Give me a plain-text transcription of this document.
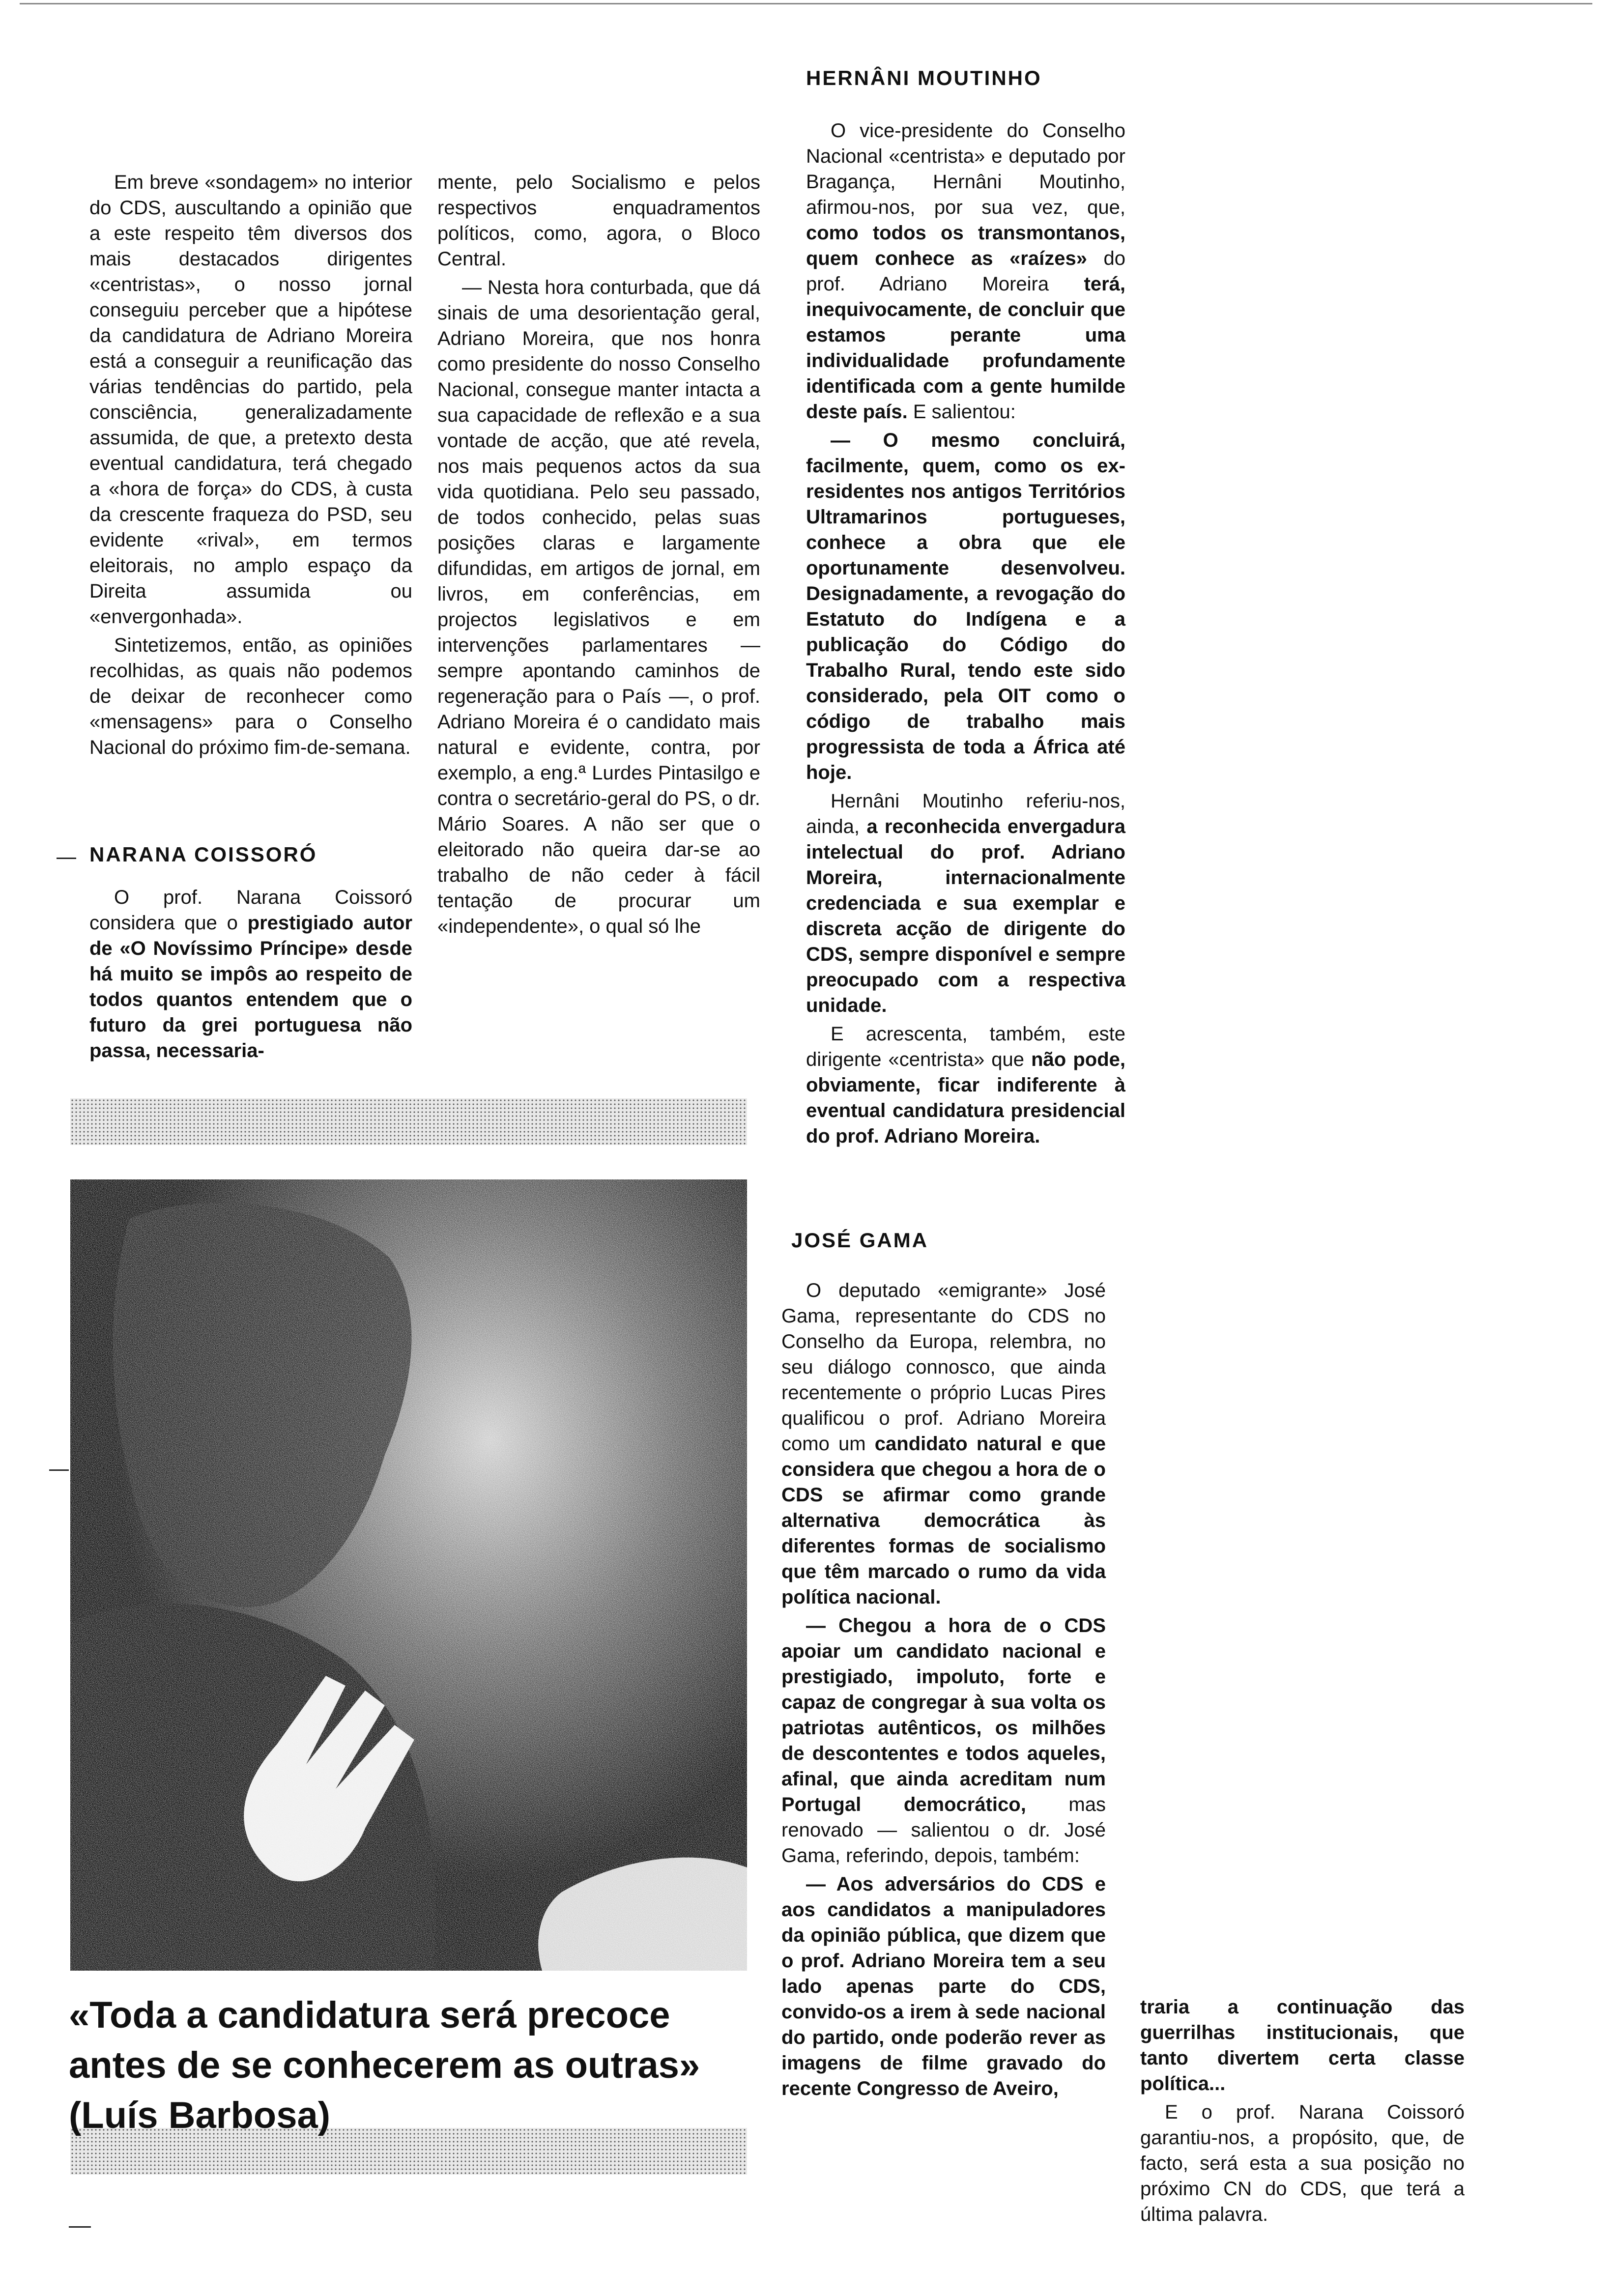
Em breve «sondagem» no interior do CDS, auscultando a opinião que a este respeito têm diversos dos mais destacados dirigentes «centristas», o nosso jornal conseguiu perceber que a hipótese da candidatura de Adriano Moreira está a conseguir a reunificação das várias tendências do partido, pela consciência, generalizadamente assumida, de que, a pretexto desta eventual candidatura, terá chegado a «hora de força» do CDS, à custa da crescente fraqueza do PSD, seu evidente «rival», em termos eleitorais, no amplo espaço da Direita assumida ou «envergonhada».

Sintetizemos, então, as opiniões recolhidas, as quais não podemos de deixar de reconhecer como «mensagens» para o Conselho Nacional do próximo fim-de-semana.

NARANA COISSORÓ

O prof. Narana Coissoró considera que o prestigiado autor de «O Novíssimo Príncipe» desde há muito se impôs ao respeito de todos quantos entendem que o futuro da grei portuguesa não passa, necessaria-

mente, pelo Socialismo e pelos respectivos enquadramentos políticos, como, agora, o Bloco Central.

— Nesta hora conturbada, que dá sinais de uma desorientação geral, Adriano Moreira, que nos honra como presidente do nosso Conselho Nacional, consegue manter intacta a sua capacidade de reflexão e a sua vontade de acção, que até revela, nos mais pequenos actos da sua vida quotidiana. Pelo seu passado, de todos conhecido, pelas suas posições claras e largamente difundidas, em artigos de jornal, em livros, em conferências, em projectos legislativos e em intervenções parlamentares — sempre apontando caminhos de regeneração para o País —, o prof. Adriano Moreira é o candidato mais natural e evidente, contra, por exemplo, a eng.ª Lurdes Pintasilgo e contra o secretário-geral do PS, o dr. Mário Soares. A não ser que o eleitorado não queira dar-se ao trabalho de não ceder à fácil tentação de procurar um «independente», o qual só lhe

HERNÂNI MOUTINHO

O vice-presidente do Conselho Nacional «centrista» e deputado por Bragança, Hernâni Moutinho, afirmou-nos, por sua vez, que, como todos os transmontanos, quem conhece as «raízes» do prof. Adriano Moreira terá, inequivocamente, de concluir que estamos perante uma individualidade profundamente identificada com a gente humilde deste país. E salientou:

— O mesmo concluirá, facilmente, quem, como os ex-residentes nos antigos Territórios Ultramarinos portugueses, conhece a obra que ele oportunamente desenvolveu. Designadamente, a revogação do Estatuto do Indígena e a publicação do Código do Trabalho Rural, tendo este sido considerado, pela OIT como o código de trabalho mais progressista de toda a África até hoje.

Hernâni Moutinho referiu-nos, ainda, a reconhecida envergadura intelectual do prof. Adriano Moreira, internacionalmente credenciada e sua exemplar e discreta acção de dirigente do CDS, sempre disponível e sempre preocupado com a respectiva unidade.

E acrescenta, também, este dirigente «centrista» que não pode, obviamente, ficar indiferente à eventual candidatura presidencial do prof. Adriano Moreira.

JOSÉ GAMA

O deputado «emigrante» José Gama, representante do CDS no Conselho da Europa, relembra, no seu diálogo connosco, que ainda recentemente o próprio Lucas Pires qualificou o prof. Adriano Moreira como um candidato natural e que considera que chegou a hora de o CDS se afirmar como grande alternativa democrática às diferentes formas de socialismo que têm marcado o rumo da vida política nacional.

— Chegou a hora de o CDS apoiar um candidato nacional e prestigiado, impoluto, forte e capaz de congregar à sua volta os patriotas autênticos, os milhões de descontentes e todos aqueles, afinal, que ainda acreditam num Portugal democrático, mas renovado — salientou o dr. José Gama, referindo, depois, também:

— Aos adversários do CDS e aos candidatos a manipuladores da opinião pública, que dizem que o prof. Adriano Moreira tem a seu lado apenas parte do CDS, convido-os a irem à sede nacional do partido, onde poderão rever as imagens de filme gravado do recente Congresso de Aveiro,

traria a continuação das guerrilhas institucionais, que tanto divertem certa classe política...

E o prof. Narana Coissoró garantiu-nos, a propósito, que, de facto, será esta a sua posição no próximo CN do CDS, que terá a última palavra.

«Toda a candidatura será precoce
antes de se conhecerem as outras»
(Luís Barbosa)
